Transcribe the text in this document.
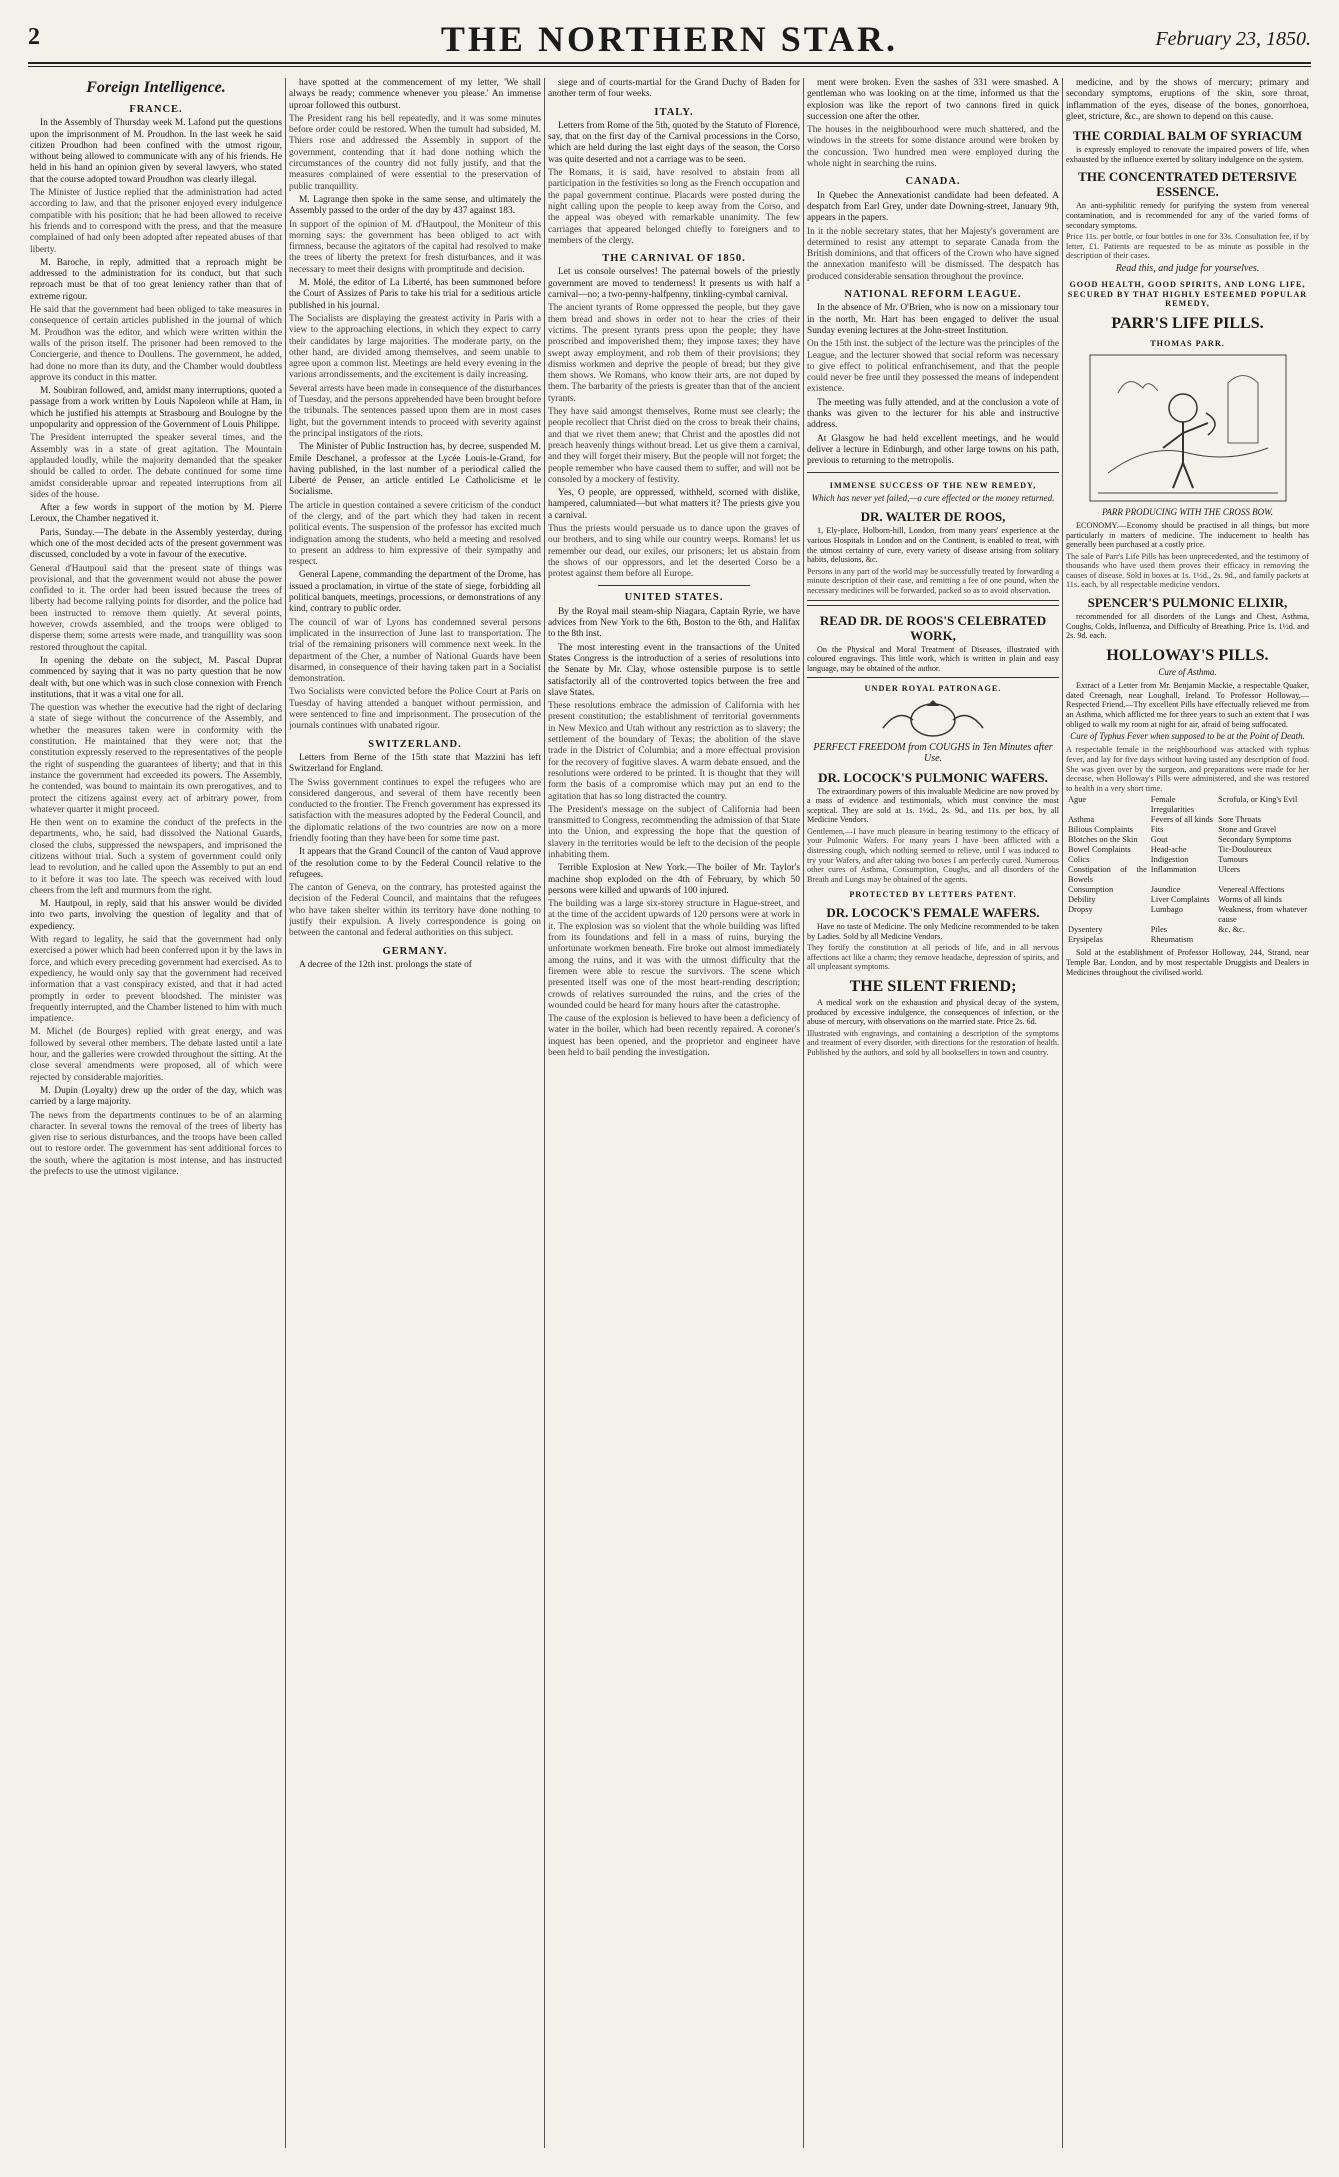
2	THE NORTHERN STAR.	February 23, 1850.
Foreign Intelligence.
FRANCE.

In the Assembly of Thursday week M. Lafond put the questions upon the imprisonment of M. Proudhon. In the last week he said citizen Proudhon had been confined with the utmost rigour, without being allowed to communicate with any of his friends. He held in his hand an opinion given by several lawyers, who stated that the course adopted toward Proudhon was clearly illegal.

The Minister of Justice replied that the administration had acted according to law, and that the prisoner enjoyed every indulgence compatible with his position; that he had been allowed to receive his friends and to correspond with the press, and that the measure complained of had only been adopted after repeated abuses of that liberty.

M. Baroche, in reply, admitted that a reproach might be addressed to the administration for its conduct, but that such reproach must be that of too great leniency rather than that of extreme rigour.

He said that the government had been obliged to take measures in consequence of certain articles published in the journal of which M. Proudhon was the editor, and which were written within the walls of the prison itself. The prisoner had been removed to the Conciergerie, and thence to Doullens. The government, he added, had done no more than its duty, and the Chamber would doubtless approve its conduct in this matter.

M. Soubiran followed, and, amidst many interruptions, quoted a passage from a work written by Louis Napoleon while at Ham, in which he justified his attempts at Strasbourg and Boulogne by the unpopularity and oppression of the Government of Louis Philippe.

The President interrupted the speaker several times, and the Assembly was in a state of great agitation. The Mountain applauded loudly, while the majority demanded that the speaker should be called to order. The debate continued for some time amidst considerable uproar and repeated interruptions from all sides of the house.

After a few words in support of the motion by M. Pierre Leroux, the Chamber negatived it.

Paris, Sunday.—The debate in the Assembly yesterday, during which one of the most decided acts of the present government was discussed, concluded by a vote in favour of the executive.

General d'Hautpoul said that the present state of things was provisional, and that the government would not abuse the power confided to it. The order had been issued because the trees of liberty had become rallying points for disorder, and the police had been instructed to remove them quietly. At several points, however, crowds assembled, and the troops were obliged to disperse them; some arrests were made, and tranquillity was soon restored throughout the capital.

In opening the debate on the subject, M. Pascal Duprat commenced by saying that it was no party question that he now dealt with, but one which was in such close connexion with French institutions, that it was a vital one for all.

The question was whether the executive had the right of declaring a state of siege without the concurrence of the Assembly, and whether the measures taken were in conformity with the constitution. He maintained that they were not; that the constitution expressly reserved to the representatives of the people the right of suspending the guarantees of liberty; and that in this instance the government had exceeded its powers. The Assembly, he contended, was bound to maintain its own prerogatives, and to protect the citizens against every act of arbitrary power, from whatever quarter it might proceed.

He then went on to examine the conduct of the prefects in the departments, who, he said, had dissolved the National Guards, closed the clubs, suppressed the newspapers, and imprisoned the citizens without trial. Such a system of government could only lead to revolution, and he called upon the Assembly to put an end to it before it was too late. The speech was received with loud cheers from the left and murmurs from the right.

M. Hautpoul, in reply, said that his answer would be divided into two parts, involving the question of legality and that of expediency.

With regard to legality, he said that the government had only exercised a power which had been conferred upon it by the laws in force, and which every preceding government had exercised. As to expediency, he would only say that the government had received information that a vast conspiracy existed, and that it had acted promptly in order to prevent bloodshed. The minister was frequently interrupted, and the Chamber listened to him with much impatience.

M. Michel (de Bourges) replied with great energy, and was followed by several other members. The debate lasted until a late hour, and the galleries were crowded throughout the sitting. At the close several amendments were proposed, all of which were rejected by considerable majorities.

M. Dupin (Loyalty) drew up the order of the day, which was carried by a large majority.

The news from the departments continues to be of an alarming character. In several towns the removal of the trees of liberty has given rise to serious disturbances, and the troops have been called out to restore order. The government has sent additional forces to the south, where the agitation is most intense, and has instructed the prefects to use the utmost vigilance.

have spotted at the commencement of my letter, 'We shall always be ready; commence whenever you please.' An immense uproar followed this outburst.

The President rang his bell repeatedly, and it was some minutes before order could be restored. When the tumult had subsided, M. Thiers rose and addressed the Assembly in support of the government, contending that it had done nothing which the circumstances of the country did not fully justify, and that the measures complained of were essential to the preservation of public tranquillity.

M. Lagrange then spoke in the same sense, and ultimately the Assembly passed to the order of the day by 437 against 183.

In support of the opinion of M. d'Hautpoul, the Moniteur of this morning says: the government has been obliged to act with firmness, because the agitators of the capital had resolved to make the trees of liberty the pretext for fresh disturbances, and it was necessary to meet their designs with promptitude and decision.

M. Molé, the editor of La Liberté, has been summoned before the Court of Assizes of Paris to take his trial for a seditious article published in his journal.

The Socialists are displaying the greatest activity in Paris with a view to the approaching elections, in which they expect to carry their candidates by large majorities. The moderate party, on the other hand, are divided among themselves, and seem unable to agree upon a common list. Meetings are held every evening in the various arrondissements, and the excitement is daily increasing.

Several arrests have been made in consequence of the disturbances of Tuesday, and the persons apprehended have been brought before the tribunals. The sentences passed upon them are in most cases light, but the government intends to proceed with severity against the principal instigators of the riots.

The Minister of Public Instruction has, by decree, suspended M. Emile Deschanel, a professor at the Lycée Louis-le-Grand, for having published, in the last number of a periodical called the Liberté de Penser, an article entitled Le Catholicisme et le Socialisme.

The article in question contained a severe criticism of the conduct of the clergy, and of the part which they had taken in recent political events. The suspension of the professor has excited much indignation among the students, who held a meeting and resolved to present an address to him expressive of their sympathy and respect.

General Lapene, commanding the department of the Drome, has issued a proclamation, in virtue of the state of siege, forbidding all political banquets, meetings, processions, or demonstrations of any kind, contrary to public order.

The council of war of Lyons has condemned several persons implicated in the insurrection of June last to transportation. The trial of the remaining prisoners will commence next week. In the department of the Cher, a number of National Guards have been disarmed, in consequence of their having taken part in a Socialist demonstration.

Two Socialists were convicted before the Police Court at Paris on Tuesday of having attended a banquet without permission, and were sentenced to fine and imprisonment. The prosecution of the journals continues with unabated rigour.

SWITZERLAND.

Letters from Berne of the 15th state that Mazzini has left Switzerland for England.

The Swiss government continues to expel the refugees who are considered dangerous, and several of them have recently been conducted to the frontier. The French government has expressed its satisfaction with the measures adopted by the Federal Council, and the diplomatic relations of the two countries are now on a more friendly footing than they have been for some time past.

It appears that the Grand Council of the canton of Vaud approve of the resolution come to by the Federal Council relative to the refugees.

The canton of Geneva, on the contrary, has protested against the decision of the Federal Council, and maintains that the refugees who have taken shelter within its territory have done nothing to justify their expulsion. A lively correspondence is going on between the cantonal and federal authorities on this subject.

GERMANY.

A decree of the 12th inst. prolongs the state of

siege and of courts-martial for the Grand Duchy of Baden for another term of four weeks.

ITALY.

Letters from Rome of the 5th, quoted by the Statuto of Florence, say, that on the first day of the Carnival processions in the Corso, which are held during the last eight days of the season, the Corso was quite deserted and not a carriage was to be seen.

The Romans, it is said, have resolved to abstain from all participation in the festivities so long as the French occupation and the papal government continue. Placards were posted during the night calling upon the people to keep away from the Corso, and the appeal was obeyed with remarkable unanimity. The few carriages that appeared belonged chiefly to foreigners and to members of the clergy.

THE CARNIVAL OF 1850.

Let us console ourselves! The paternal bowels of the priestly government are moved to tenderness! It presents us with half a carnival—no; a two-penny-halfpenny, tinkling-cymbal carnival.

The ancient tyrants of Rome oppressed the people, but they gave them bread and shows in order not to hear the cries of their victims. The present tyrants press upon the people; they have proscribed and impoverished them; they impose taxes; they have swept away employment, and rob them of their provisions; they dismiss workmen and deprive the people of bread; but they give them shows. We Romans, who know their arts, are not duped by them. The barbarity of the priests is greater than that of the ancient tyrants.

They have said amongst themselves, Rome must see clearly; the people recollect that Christ died on the cross to break their chains, and that we rivet them anew; that Christ and the apostles did not preach heavenly things without bread. Let us give them a carnival, and they will forget their misery. But the people will not forget; the people remember who have caused them to suffer, and will not be consoled by a mockery of festivity.

Yes, O people, are oppressed, withheld, scorned with dislike, hampered, calumniated—but what matters it? The priests give you a carnival.

Thus the priests would persuade us to dance upon the graves of our brothers, and to sing while our country weeps. Romans! let us remember our dead, our exiles, our prisoners; let us abstain from the shows of our oppressors, and let the deserted Corso be a protest against them before all Europe.

UNITED STATES.

By the Royal mail steam-ship Niagara, Captain Ryrie, we have advices from New York to the 6th, Boston to the 6th, and Halifax to the 8th inst.

The most interesting event in the transactions of the United States Congress is the introduction of a series of resolutions into the Senate by Mr. Clay, whose ostensible purpose is to settle satisfactorily all of the controverted topics between the free and slave States.

These resolutions embrace the admission of California with her present constitution; the establishment of territorial governments in New Mexico and Utah without any restriction as to slavery; the settlement of the boundary of Texas; the abolition of the slave trade in the District of Columbia; and a more effectual provision for the recovery of fugitive slaves. A warm debate ensued, and the resolutions were ordered to be printed. It is thought that they will form the basis of a compromise which may put an end to the agitation that has so long distracted the country.

The President's message on the subject of California had been transmitted to Congress, recommending the admission of that State into the Union, and expressing the hope that the question of slavery in the territories would be left to the decision of the people inhabiting them.

Terrible Explosion at New York.—The boiler of Mr. Taylor's machine shop exploded on the 4th of February, by which 50 persons were killed and upwards of 100 injured.

The building was a large six-storey structure in Hague-street, and at the time of the accident upwards of 120 persons were at work in it. The explosion was so violent that the whole building was lifted from its foundations and fell in a mass of ruins, burying the unfortunate workmen beneath. Fire broke out almost immediately among the ruins, and it was with the utmost difficulty that the firemen were able to rescue the survivors. The scene which presented itself was one of the most heart-rending description; crowds of relatives surrounded the ruins, and the cries of the wounded could be heard for many hours after the catastrophe.

The cause of the explosion is believed to have been a deficiency of water in the boiler, which had been recently repaired. A coroner's inquest has been opened, and the proprietor and engineer have been held to bail pending the investigation.

ment were broken. Even the sashes of 331 were smashed. A gentleman who was looking on at the time, informed us that the explosion was like the report of two cannons fired in quick succession one after the other.

The houses in the neighbourhood were much shattered, and the windows in the streets for some distance around were broken by the concussion. Two hundred men were employed during the whole night in searching the ruins.

CANADA.

In Quebec the Annexationist candidate had been defeated. A despatch from Earl Grey, under date Downing-street, January 9th, appears in the papers.

In it the noble secretary states, that her Majesty's government are determined to resist any attempt to separate Canada from the British dominions, and that officers of the Crown who have signed the annexation manifesto will be dismissed. The despatch has produced considerable sensation throughout the province.

NATIONAL REFORM LEAGUE.

In the absence of Mr. O'Brien, who is now on a missionary tour in the north, Mr. Hart has been engaged to deliver the usual Sunday evening lectures at the John-street Institution.

On the 15th inst. the subject of the lecture was the principles of the League, and the lecturer showed that social reform was necessary to give effect to political enfranchisement, and that the people could never be free until they possessed the means of independent existence.

The meeting was fully attended, and at the conclusion a vote of thanks was given to the lecturer for his able and instructive address.

At Glasgow he had held excellent meetings, and he would deliver a lecture in Edinburgh, and other large towns on his path, previous to returning to the metropolis.

IMMENSE SUCCESS OF THE NEW REMEDY,
Which has never yet failed,—a cure effected or the money returned.
DR. WALTER DE ROOS,

1, Ely-place, Holborn-hill, London, from many years' experience at the various Hospitals in London and on the Continent, is enabled to treat, with the utmost certainty of cure, every variety of disease arising from solitary habits, delusions, &c.

Persons in any part of the world may be successfully treated by forwarding a minute description of their case, and remitting a fee of one pound, when the necessary medicines will be forwarded, packed so as to avoid observation.

READ DR. DE ROOS'S CELEBRATED WORK,

On the Physical and Moral Treatment of Diseases, illustrated with coloured engravings. This little work, which is written in plain and easy language, may be obtained of the author.

UNDER ROYAL PATRONAGE.
PERFECT FREEDOM from COUGHS in Ten Minutes after Use.
DR. LOCOCK'S PULMONIC WAFERS.

The extraordinary powers of this invaluable Medicine are now proved by a mass of evidence and testimonials, which must convince the most sceptical. They are sold at 1s. 1½d., 2s. 9d., and 11s. per box, by all Medicine Vendors.

Gentlemen,—I have much pleasure in bearing testimony to the efficacy of your Pulmonic Wafers. For many years I have been afflicted with a distressing cough, which nothing seemed to relieve, until I was induced to try your Wafers, and after taking two boxes I am perfectly cured. Numerous other cures of Asthma, Consumption, Coughs, and all disorders of the Breath and Lungs may be obtained of the agents.

PROTECTED BY LETTERS PATENT.
DR. LOCOCK'S FEMALE WAFERS.

Have no taste of Medicine. The only Medicine recommended to be taken by Ladies. Sold by all Medicine Vendors.

They fortify the constitution at all periods of life, and in all nervous affections act like a charm; they remove headache, depression of spirits, and all unpleasant symptoms.

THE SILENT FRIEND;

A medical work on the exhaustion and physical decay of the system, produced by excessive indulgence, the consequences of infection, or the abuse of mercury, with observations on the married state. Price 2s. 6d.

Illustrated with engravings, and containing a description of the symptoms and treatment of every disorder, with directions for the restoration of health. Published by the authors, and sold by all booksellers in town and country.

medicine, and by the shows of mercury; primary and secondary symptoms, eruptions of the skin, sore throat, inflammation of the eyes, disease of the bones, gonorrhoea, gleet, stricture, &c., are shown to depend on this cause.

THE CORDIAL BALM OF SYRIACUM

is expressly employed to renovate the impaired powers of life, when exhausted by the influence exerted by solitary indulgence on the system.

THE CONCENTRATED DETERSIVE ESSENCE.

An anti-syphilitic remedy for purifying the system from venereal contamination, and is recommended for any of the varied forms of secondary symptoms.

Price 11s. per bottle, or four bottles in one for 33s. Consultation fee, if by letter, £1. Patients are requested to be as minute as possible in the description of their cases.

Read this, and judge for yourselves.
GOOD HEALTH, GOOD SPIRITS, AND LONG LIFE, SECURED BY THAT HIGHLY ESTEEMED POPULAR REMEDY,
PARR'S LIFE PILLS.
THOMAS PARR.
PARR PRODUCING WITH THE CROSS BOW.

ECONOMY.—Economy should be practised in all things, but more particularly in matters of medicine. The inducement to health has generally been purchased at a costly price.

The sale of Parr's Life Pills has been unprecedented, and the testimony of thousands who have used them proves their efficacy in removing the causes of disease. Sold in boxes at 1s. 1½d., 2s. 9d., and family packets at 11s. each, by all respectable medicine vendors.

SPENCER'S PULMONIC ELIXIR,

recommended for all disorders of the Lungs and Chest, Asthma, Coughs, Colds, Influenza, and Difficulty of Breathing. Price 1s. 1½d. and 2s. 9d. each.

HOLLOWAY'S PILLS.
Cure of Asthma.

Extract of a Letter from Mr. Benjamin Mackie, a respectable Quaker, dated Creenagh, near Loughall, Ireland. To Professor Holloway,—Respected Friend,—Thy excellent Pills have effectually relieved me from an Asthma, which afflicted me for three years to such an extent that I was obliged to walk my room at night for air, afraid of being suffocated.

Cure of Typhus Fever when supposed to be at the Point of Death.

A respectable female in the neighbourhood was attacked with typhus fever, and lay for five days without having tasted any description of food. She was given over by the surgeon, and preparations were made for her decease, when Holloway's Pills were administered, and she was restored to health in a very short time.

Ague	Female Irregularities	Scrofula, or King's Evil
Asthma	Fevers of all kinds	Sore Throats
Bilious Complaints	Fits	Stone and Gravel
Blotches on the Skin	Gout	Secondary Symptoms
Bowel Complaints	Head-ache	Tic-Douloureux
Colics	Indigestion	Tumours
Constipation of the Bowels	Inflammation	Ulcers
Consumption	Jaundice	Venereal Affections
Debility	Liver Complaints	Worms of all kinds
Dropsy	Lumbago	Weakness, from whatever cause
Dysentery	Piles	&c. &c.
Erysipelas	Rheumatism	

Sold at the establishment of Professor Holloway, 244, Strand, near Temple Bar, London, and by most respectable Druggists and Dealers in Medicines throughout the civilised world.
